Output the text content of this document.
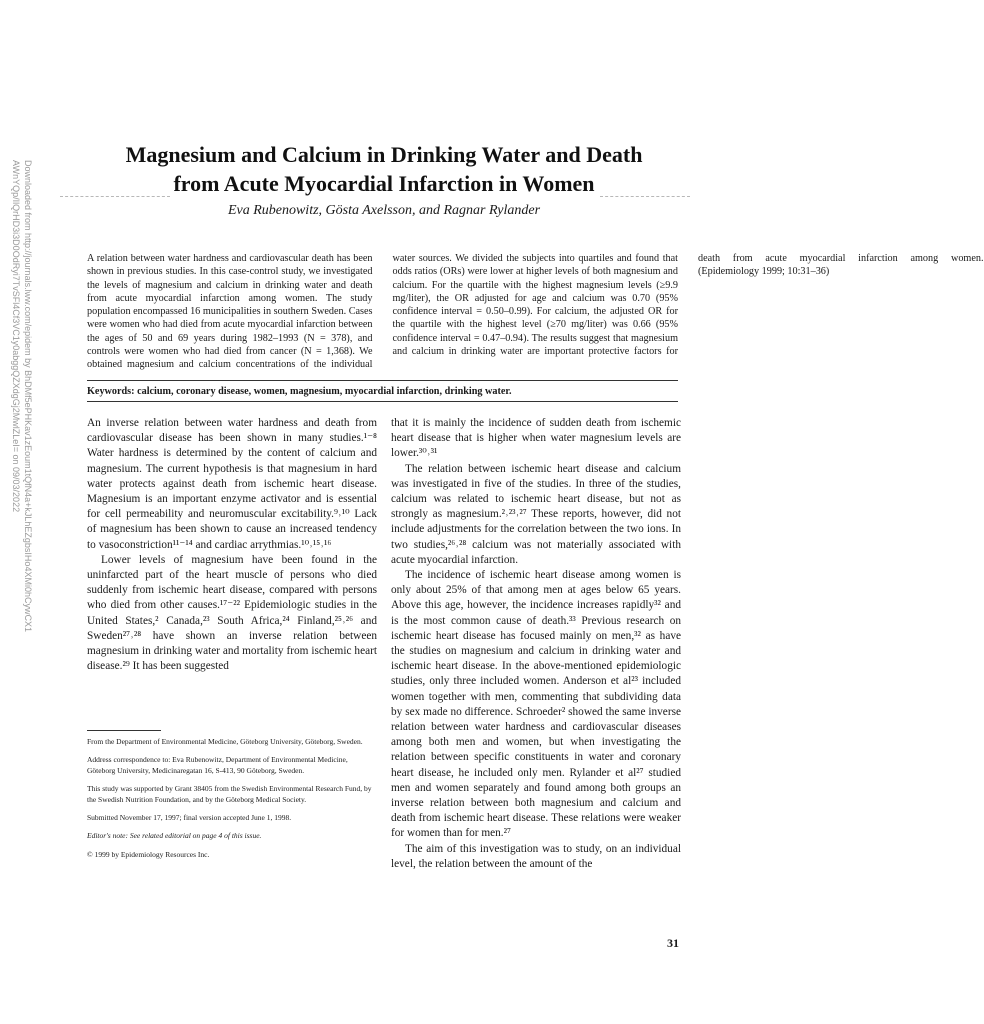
Downloaded from http://journals.lww.com/epidem by BhDMf5ePHKav1zEoum1tQfN4a+kJLhEZgbsIHo4XMi0hCywCX1
AWnYQp/IlQrHD3i3D0OdRyi7TvSFl4Cf3VC1y0abggQZXdgGj2MwlZLeI= on 09/03/2022
Magnesium and Calcium in Drinking Water and Death
from Acute Myocardial Infarction in Women

Eva Rubenowitz, Gösta Axelsson, and Ragnar Rylander

A relation between water hardness and cardiovascular death has been shown in previous studies. In this case-control study, we investigated the levels of magnesium and calcium in drinking water and death from acute myocardial infarction among women. The study population encompassed 16 municipalities in southern Sweden. Cases were women who had died from acute myocardial infarction between the ages of 50 and 69 years during 1982–1993 (N = 378), and controls were women who had died from cancer (N = 1,368). We obtained magnesium and calcium concentrations of the individual water sources. We divided the subjects into quartiles and found that odds ratios (ORs) were lower at higher levels of both magnesium and calcium. For the quartile with the highest magnesium levels (≥9.9 mg/liter), the OR adjusted for age and calcium was 0.70 (95% confidence interval = 0.50–0.99). For calcium, the adjusted OR for the quartile with the highest level (≥70 mg/liter) was 0.66 (95% confidence interval = 0.47–0.94). The results suggest that magnesium and calcium in drinking water are important protective factors for death from acute myocardial infarction among women. (Epidemiology 1999; 10:31–36)

Keywords: calcium, coronary disease, women, magnesium, myocardial infarction, drinking water.

An inverse relation between water hardness and death from cardiovascular disease has been shown in many studies.¹⁻⁸ Water hardness is determined by the content of calcium and magnesium. The current hypothesis is that magnesium in hard water protects against death from ischemic heart disease. Magnesium is an important enzyme activator and is essential for cell permeability and neuromuscular excitability.⁹˒¹⁰ Lack of magnesium has been shown to cause an increased tendency to vasoconstriction¹¹⁻¹⁴ and cardiac arrythmias.¹⁰˒¹⁵˒¹⁶

Lower levels of magnesium have been found in the uninfarcted part of the heart muscle of persons who died suddenly from ischemic heart disease, compared with persons who died from other causes.¹⁷⁻²² Epidemiologic studies in the United States,² Canada,²³ South Africa,²⁴ Finland,²⁵˒²⁶ and Sweden²⁷˒²⁸ have shown an inverse relation between magnesium in drinking water and mortality from ischemic heart disease.²⁹ It has been suggested

that it is mainly the incidence of sudden death from ischemic heart disease that is higher when water magnesium levels are lower.³⁰˒³¹

The relation between ischemic heart disease and calcium was investigated in five of the studies. In three of the studies, calcium was related to ischemic heart disease, but not as strongly as magnesium.²˒²³˒²⁷ These reports, however, did not include adjustments for the correlation between the two ions. In two studies,²⁶˒²⁸ calcium was not materially associated with acute myocardial infarction.

The incidence of ischemic heart disease among women is only about 25% of that among men at ages below 65 years. Above this age, however, the incidence increases rapidly³² and is the most common cause of death.³³ Previous research on ischemic heart disease has focused mainly on men,³² as have the studies on magnesium and calcium in drinking water and ischemic heart disease. In the above-mentioned epidemiologic studies, only three included women. Anderson et al²³ included women together with men, commenting that subdividing data by sex made no difference. Schroeder² showed the same inverse relation between water hardness and cardiovascular diseases among both men and women, but when investigating the relation between specific constituents in water and coronary heart disease, he included only men. Rylander et al²⁷ studied men and women separately and found among both groups an inverse relation between both magnesium and calcium and death from ischemic heart disease. These relations were weaker for women than for men.²⁷

The aim of this investigation was to study, on an individual level, the relation between the amount of the

From the Department of Environmental Medicine, Göteborg University, Göteborg, Sweden.

Address correspondence to: Eva Rubenowitz, Department of Environmental Medicine, Göteborg University, Medicinaregatan 16, S-413, 90 Göteborg, Sweden.

This study was supported by Grant 38405 from the Swedish Environmental Research Fund, by the Swedish Nutrition Foundation, and by the Göteborg Medical Society.

Submitted November 17, 1997; final version accepted June 1, 1998.

Editor's note: See related editorial on page 4 of this issue.

© 1999 by Epidemiology Resources Inc.

31
